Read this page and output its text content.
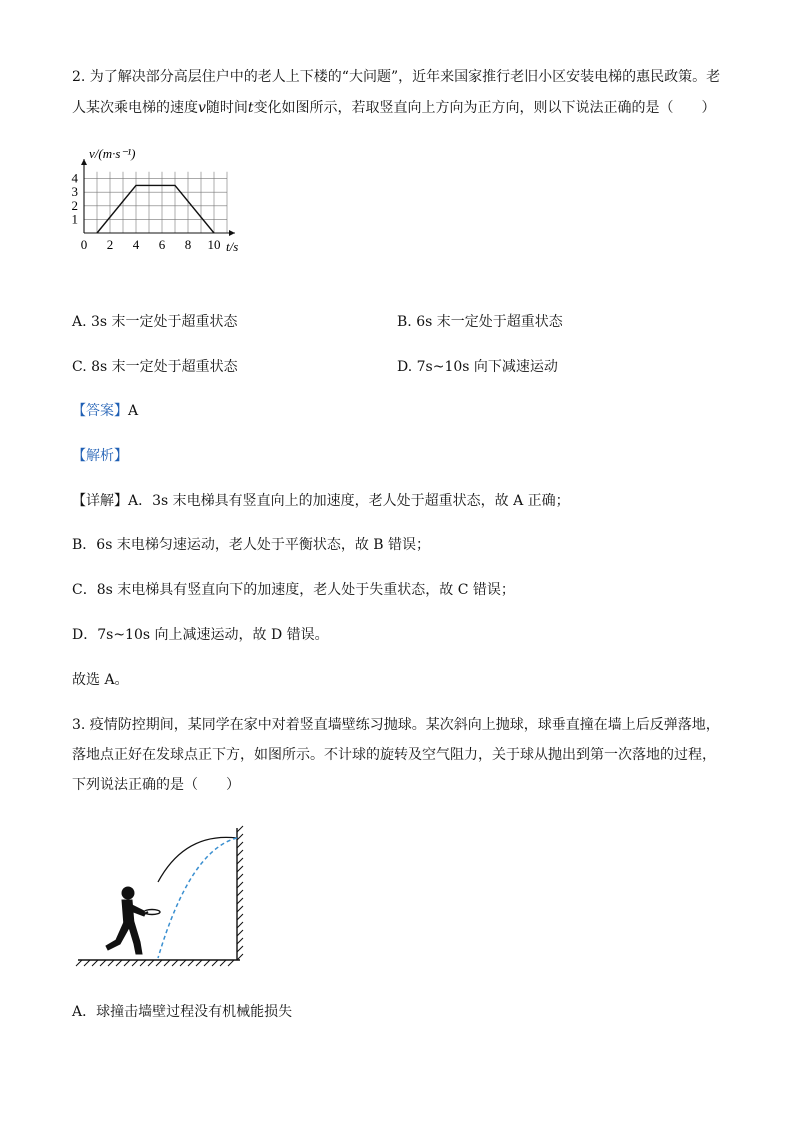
2. 为了解决部分高层住户中的老人上下楼的“大问题”，近年来国家推行老旧小区安装电梯的惠民政策。老
人某次乘电梯的速度v随时间t变化如图所示，若取竖直向上方向为正方向，则以下说法正确的是（　　）
0 2 4 6 8 10
1
2
3
4
v/(m·s⁻¹)
t/s
A. 3s 末一定处于超重状态	B. 6s 末一定处于超重状态
C. 8s 末一定处于超重状态	D. 7s~10s 向下减速运动
【答案】A
【解析】
【详解】A．3s 末电梯具有竖直向上的加速度，老人处于超重状态，故 A 正确；
B．6s 末电梯匀速运动，老人处于平衡状态，故 B 错误；
C．8s 末电梯具有竖直向下的加速度，老人处于失重状态，故 C 错误；
D．7s~10s 向上减速运动，故 D 错误。
故选 A。
3. 疫情防控期间，某同学在家中对着竖直墙壁练习抛球。某次斜向上抛球，球垂直撞在墙上后反弹落地，
落地点正好在发球点正下方，如图所示。不计球的旋转及空气阻力，关于球从抛出到第一次落地的过程，
下列说法正确的是（　　）
A．球撞击墙壁过程没有机械能损失
